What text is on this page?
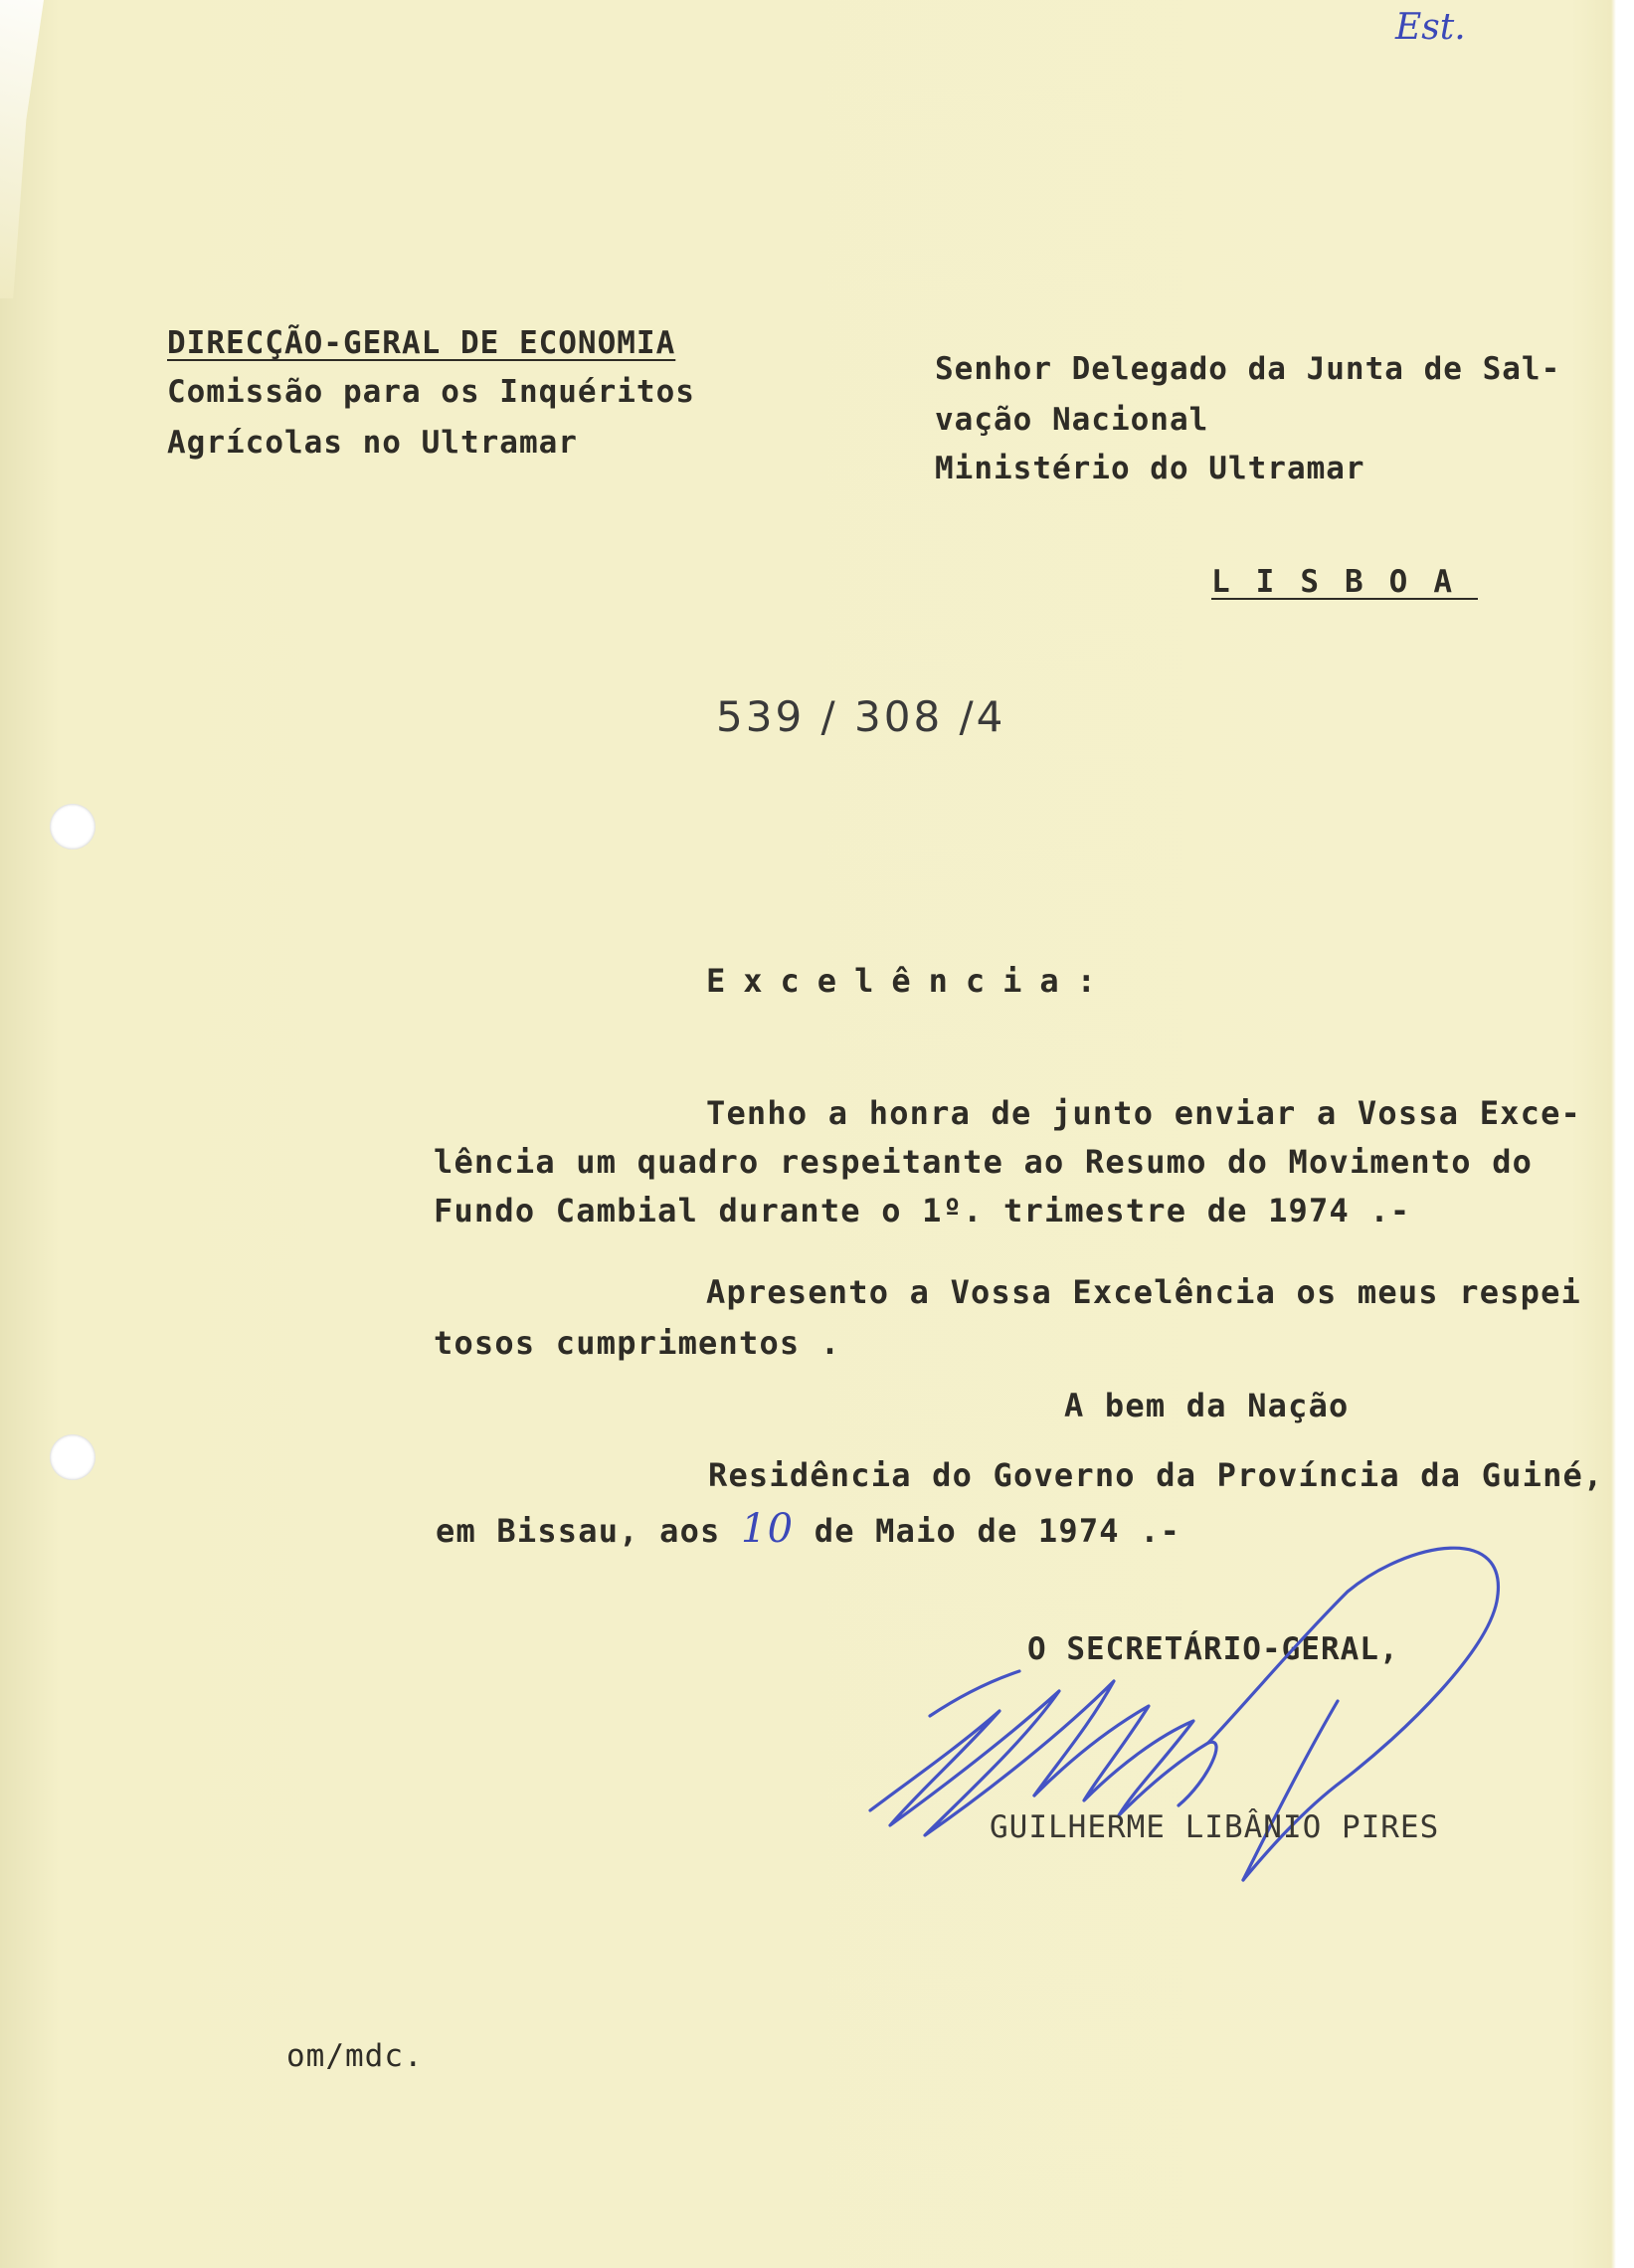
Est.
DIRECÇÃO-GERAL DE ECONOMIA
Comissão para os Inquéritos
Agrícolas no Ultramar
Senhor Delegado da Junta de Sal-
vação Nacional
Ministério do Ultramar
LISBOA
539 / 308 /4
Excelência:
Tenho a honra de junto enviar a Vossa Exce-
lência um quadro respeitante ao Resumo do Movimento do
Fundo Cambial durante o 1º. trimestre de 1974 .-
Apresento a Vossa Excelência os meus respei
tosos cumprimentos .
A bem da Nação
Residência do Governo da Província da Guiné,
em Bissau, aos 10 de Maio de 1974 .-
O SECRETÁRIO-GERAL,
GUILHERME LIBÂNIO PIRES
om/mdc.
